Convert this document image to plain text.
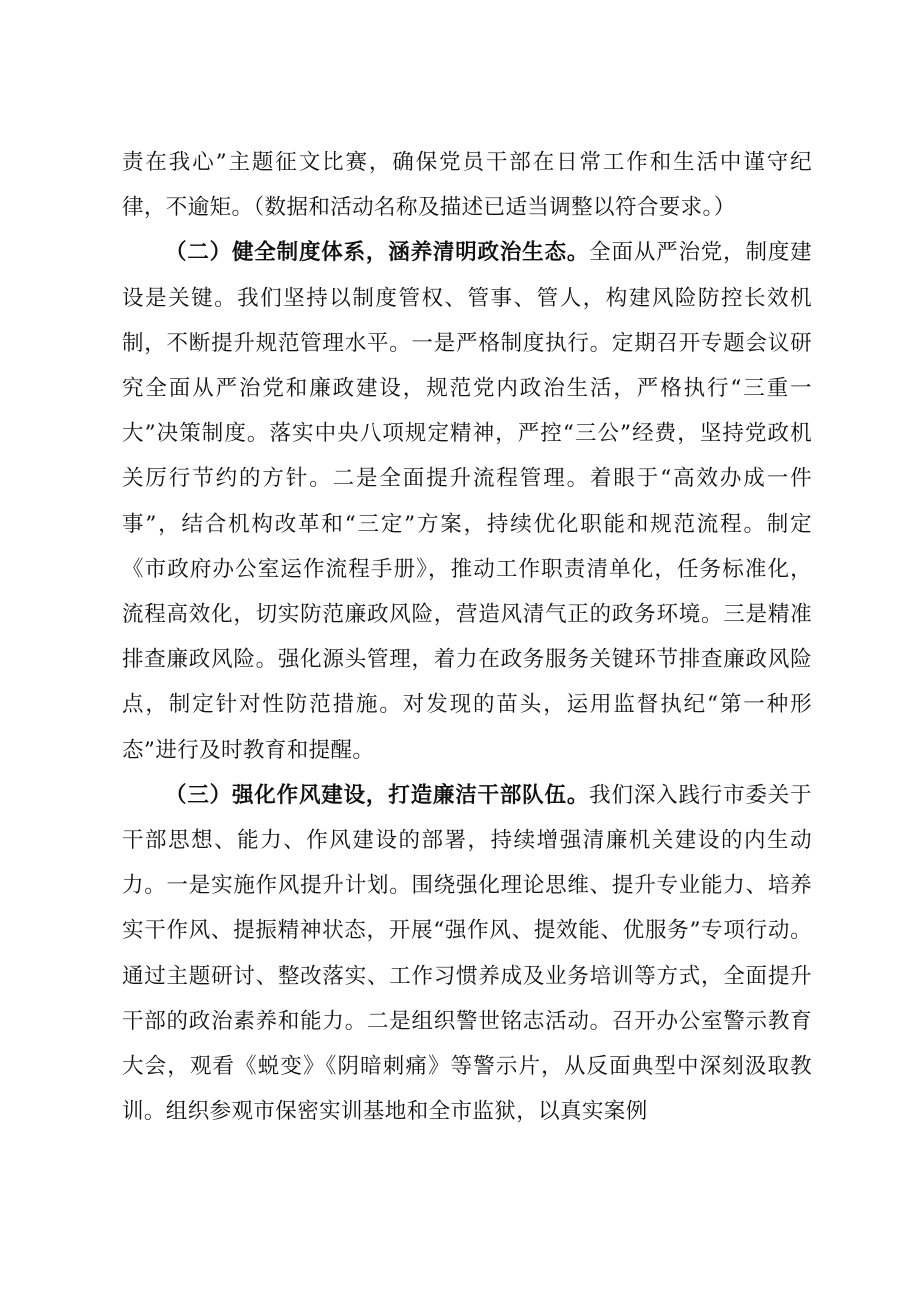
责在我心”主题征文比赛，确保党员干部在日常工作和生活中谨守纪律，不逾矩。（数据和活动名称及描述已适当调整以符合要求。）

（二）健全制度体系，涵养清明政治生态。全面从严治党，制度建设是关键。我们坚持以制度管权、管事、管人，构建风险防控长效机制，不断提升规范管理水平。一是严格制度执行。定期召开专题会议研究全面从严治党和廉政建设，规范党内政治生活，严格执行“三重一大”决策制度。落实中央八项规定精神，严控“三公”经费，坚持党政机关厉行节约的方针。二是全面提升流程管理。着眼于“高效办成一件事”，结合机构改革和“三定”方案，持续优化职能和规范流程。制定《市政府办公室运作流程手册》，推动工作职责清单化，任务标准化，流程高效化，切实防范廉政风险，营造风清气正的政务环境。三是精准排查廉政风险。强化源头管理，着力在政务服务关键环节排查廉政风险点，制定针对性防范措施。对发现的苗头，运用监督执纪“第一种形态”进行及时教育和提醒。

（三）强化作风建设，打造廉洁干部队伍。我们深入践行市委关于干部思想、能力、作风建设的部署，持续增强清廉机关建设的内生动力。一是实施作风提升计划。围绕强化理论思维、提升专业能力、培养实干作风、提振精神状态，开展“强作风、提效能、优服务”专项行动。通过主题研讨、整改落实、工作习惯养成及业务培训等方式，全面提升干部的政治素养和能力。二是组织警世铭志活动。召开办公室警示教育大会，观看《蜕变》《阴暗刺痛》等警示片，从反面典型中深刻汲取教训。组织参观市保密实训基地和全市监狱，以真实案例
